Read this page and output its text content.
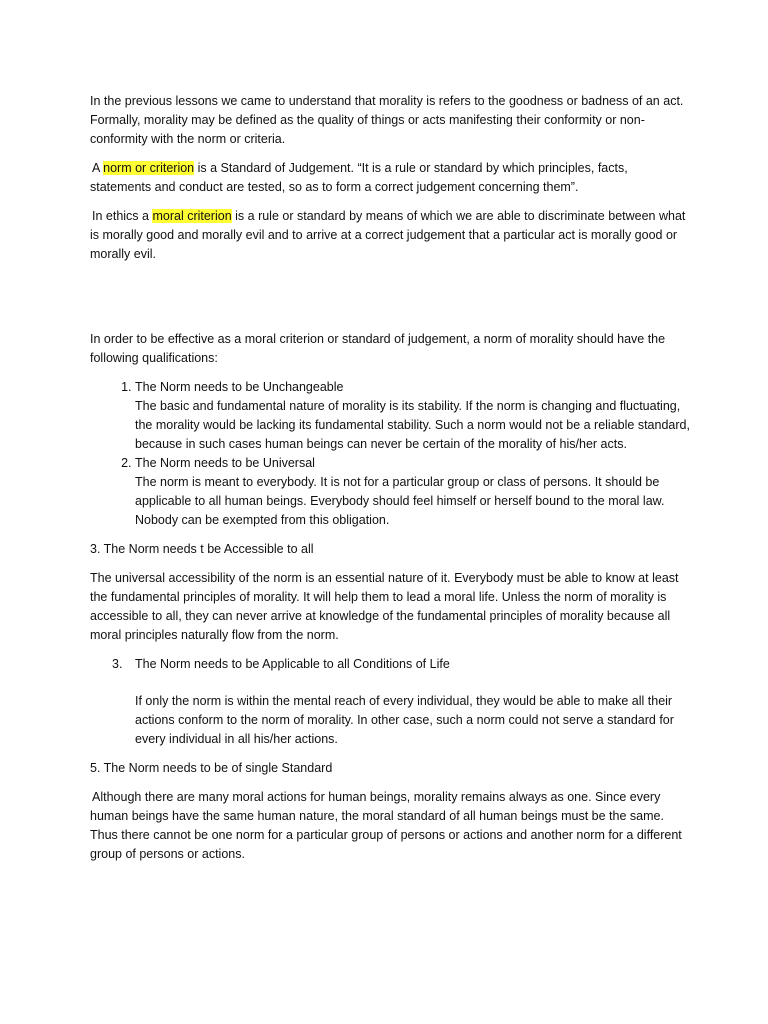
In the previous lessons we came to understand that morality is refers to the goodness or badness of an act. Formally, morality may be defined as the quality of things or acts manifesting their conformity or non-conformity with the norm or criteria.

A norm or criterion is a Standard of Judgement. “It is a rule or standard by which principles, facts, statements and conduct are tested, so as to form a correct judgement concerning them”.

In ethics a moral criterion is a rule or standard by means of which we are able to discriminate between what is morally good and morally evil and to arrive at a correct judgement that a particular act is morally good or morally evil.

In order to be effective as a moral criterion or standard of judgement, a norm of morality should have the following qualifications:

1. The Norm needs to be Unchangeable
The basic and fundamental nature of morality is its stability. If the norm is changing and fluctuating, the morality would be lacking its fundamental stability. Such a norm would not be a reliable standard, because in such cases human beings can never be certain of the morality of his/her acts.
2. The Norm needs to be Universal
The norm is meant to everybody. It is not for a particular group or class of persons. It should be applicable to all human beings. Everybody should feel himself or herself bound to the moral law. Nobody can be exempted from this obligation.

3. The Norm needs t be Accessible to all

The universal accessibility of the norm is an essential nature of it. Everybody must be able to know at least the fundamental principles of morality. It will help them to lead a moral life. Unless the norm of morality is accessible to all, they can never arrive at knowledge of the fundamental principles of morality because all moral principles naturally flow from the norm.

3. The Norm needs to be Applicable to all Conditions of Life

If only the norm is within the mental reach of every individual, they would be able to make all their actions conform to the norm of morality. In other case, such a norm could not serve a standard for every individual in all his/her actions.

5. The Norm needs to be of single Standard

Although there are many moral actions for human beings, morality remains always as one. Since every human beings have the same human nature, the moral standard of all human beings must be the same. Thus there cannot be one norm for a particular group of persons or actions and another norm for a different group of persons or actions.
